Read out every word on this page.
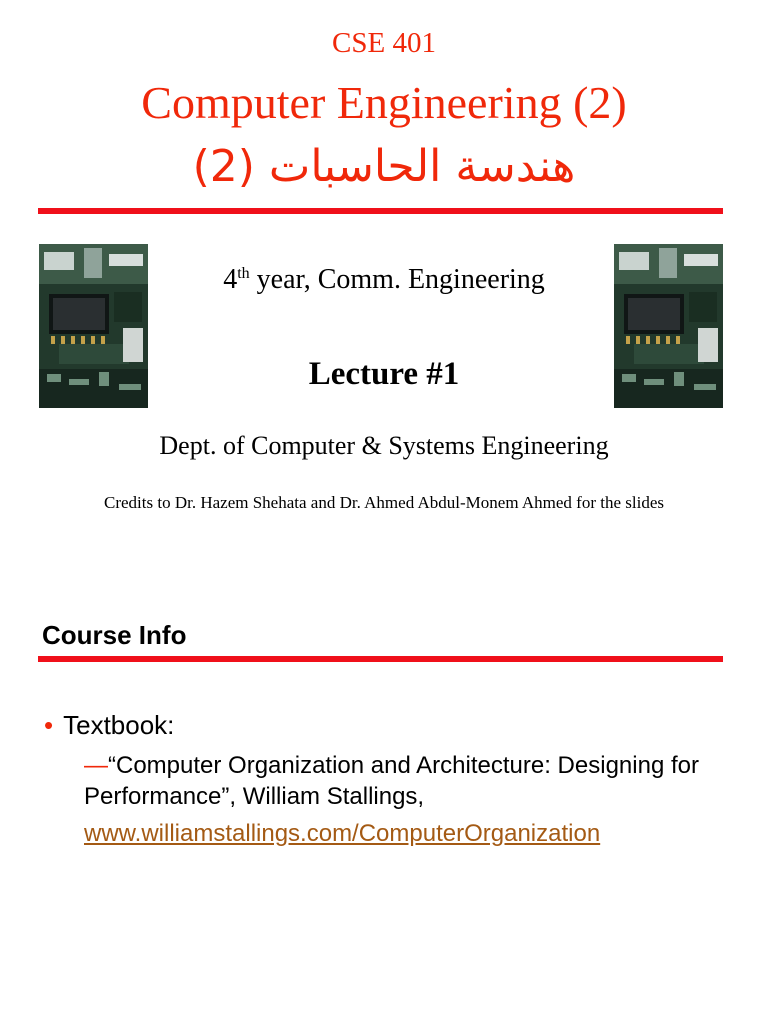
CSE 401
Computer Engineering (2)
هندسة الحاسبات (2)
4th year, Comm. Engineering
Lecture #1
Dept. of Computer & Systems Engineering
Credits to Dr. Hazem Shehata and Dr. Ahmed Abdul-Monem Ahmed for the slides
Course Info
• Textbook:
—“Computer Organization and Architecture: Designing for Performance”, William Stallings,
www.williamstallings.com/ComputerOrganization
